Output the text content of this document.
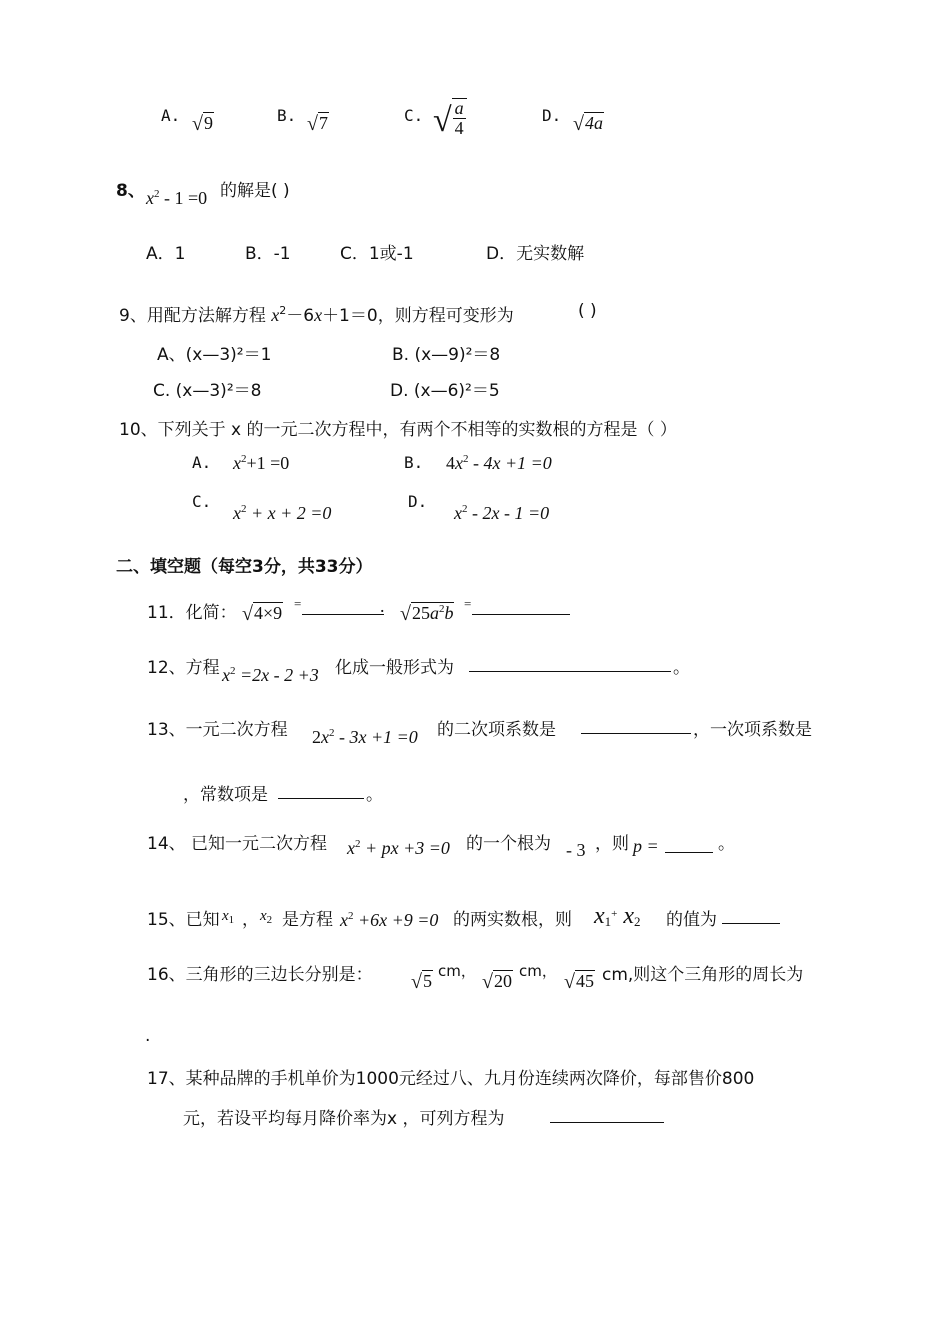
A. √ 9	B. √ 7	C. √ $\frac{a}{4}$	D. √ 4a
8、 $x^2 - 1 =0$ 的解是( )
A．1	B．-1	C．1或-1	D．无实数解
9、用配方法解方程 $x^2-6x+1=0$，则方程可变形为	( )
A、(x—3)²＝1	B. (x—9)²＝8
C. (x—3)²＝8	D. (x—6)²＝5
10、下列关于 x 的一元二次方程中，有两个不相等的实数根的方程是（ ）
A. $x^2+1 =0$	B. $4x^2 - 4x +1 =0$
C.
$x^2 + x + 2 =0$
D.
$x^2 - 2x - 1 =0$
二、填空题（每空3分，共33分）
11．化简： √ 4×9 =	. √ $25a^2b$ =
12、方程 $x^2 =2x - 2 +3$ 化成一般形式为	。
13、一元二次方程 $2x^2 - 3x +1 =0$ 的二次项系数是	，一次项系数是
，常数项是	。
14、 已知一元二次方程 $x^2$ + px +3 =0 的一个根为 - 3 ，则 p =	。
15、已知 $x_1$ ， $x_2$ 是方程 $x^2 +6x +9 =0$ 的两实数根，则 $x_1^+$ $x_2$ 的值为
16、三角形的三边长分别是： √ 5 cm， √ 20 cm， √ 45 cm,则这个三角形的周长为
.
17、某种品牌的手机单价为1000元经过八、九月份连续两次降价，每部售价800
元，若设平均每月降价率为x ，可列方程为
